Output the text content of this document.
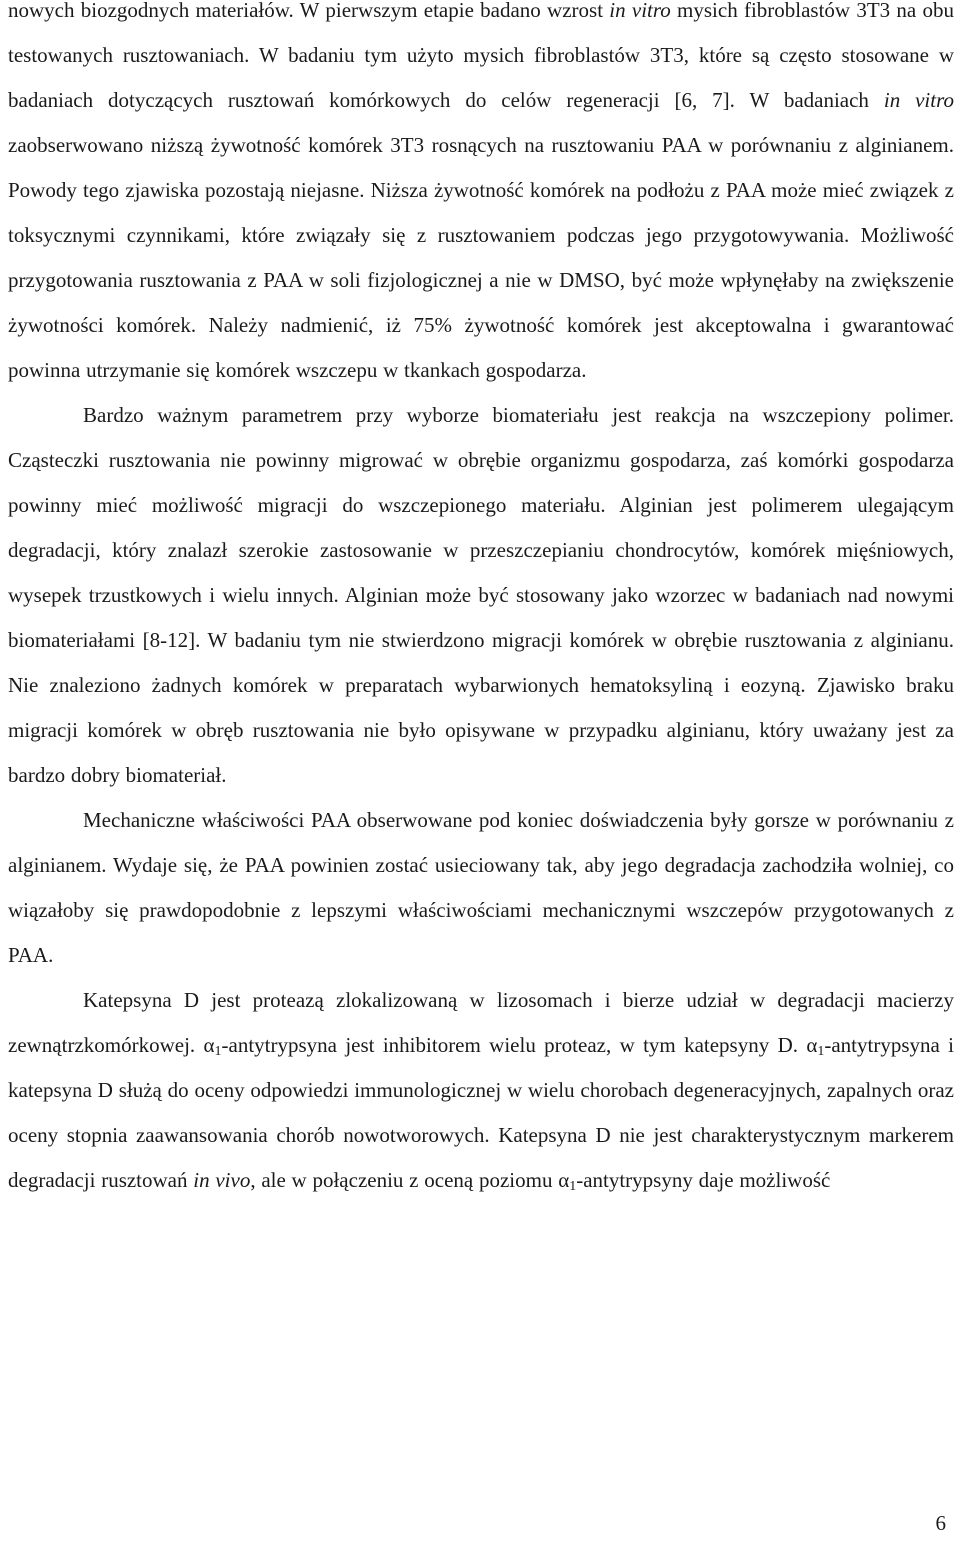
nowych biozgodnych materiałów. W pierwszym etapie badano wzrost in vitro mysich fibroblastów 3T3 na obu testowanych rusztowaniach. W badaniu tym użyto mysich fibroblastów 3T3, które są często stosowane w badaniach dotyczących rusztowań komórkowych do celów regeneracji [6, 7]. W badaniach in vitro zaobserwowano niższą żywotność komórek 3T3 rosnących na rusztowaniu PAA w porównaniu z alginianem. Powody tego zjawiska pozostają niejasne. Niższa żywotność komórek na podłożu z PAA może mieć związek z toksycznymi czynnikami, które związały się z rusztowaniem podczas jego przygotowywania. Możliwość przygotowania rusztowania z PAA w soli fizjologicznej a nie w DMSO, być może wpłynęłaby na zwiększenie żywotności komórek. Należy nadmienić, iż 75% żywotność komórek jest akceptowalna i gwarantować powinna utrzymanie się komórek wszczepu w tkankach gospodarza.

Bardzo ważnym parametrem przy wyborze biomateriału jest reakcja na wszczepiony polimer. Cząsteczki rusztowania nie powinny migrować w obrębie organizmu gospodarza, zaś komórki gospodarza powinny mieć możliwość migracji do wszczepionego materiału. Alginian jest polimerem ulegającym degradacji, który znalazł szerokie zastosowanie w przeszczepianiu chondrocytów, komórek mięśniowych, wysepek trzustkowych i wielu innych. Alginian może być stosowany jako wzorzec w badaniach nad nowymi biomateriałami [8-12]. W badaniu tym nie stwierdzono migracji komórek w obrębie rusztowania z alginianu. Nie znaleziono żadnych komórek w preparatach wybarwionych hematoksyliną i eozyną. Zjawisko braku migracji komórek w obręb rusztowania nie było opisywane w przypadku alginianu, który uważany jest za bardzo dobry biomateriał.

Mechaniczne właściwości PAA obserwowane pod koniec doświadczenia były gorsze w porównaniu z alginianem. Wydaje się, że PAA powinien zostać usieciowany tak, aby jego degradacja zachodziła wolniej, co wiązałoby się prawdopodobnie z lepszymi właściwościami mechanicznymi wszczepów przygotowanych z PAA.

Katepsyna D jest proteazą zlokalizowaną w lizosomach i bierze udział w degradacji macierzy zewnątrzkomórkowej. $\alpha_1$-antytrypsyna jest inhibitorem wielu proteaz, w tym katepsyny D. $\alpha_1$-antytrypsyna i katepsyna D służą do oceny odpowiedzi immunologicznej w wielu chorobach degeneracyjnych, zapalnych oraz oceny stopnia zaawansowania chorób nowotworowych. Katepsyna D nie jest charakterystycznym markerem degradacji rusztowań in vivo, ale w połączeniu z oceną poziomu $\alpha_1$-antytrypsyny daje możliwość

6
